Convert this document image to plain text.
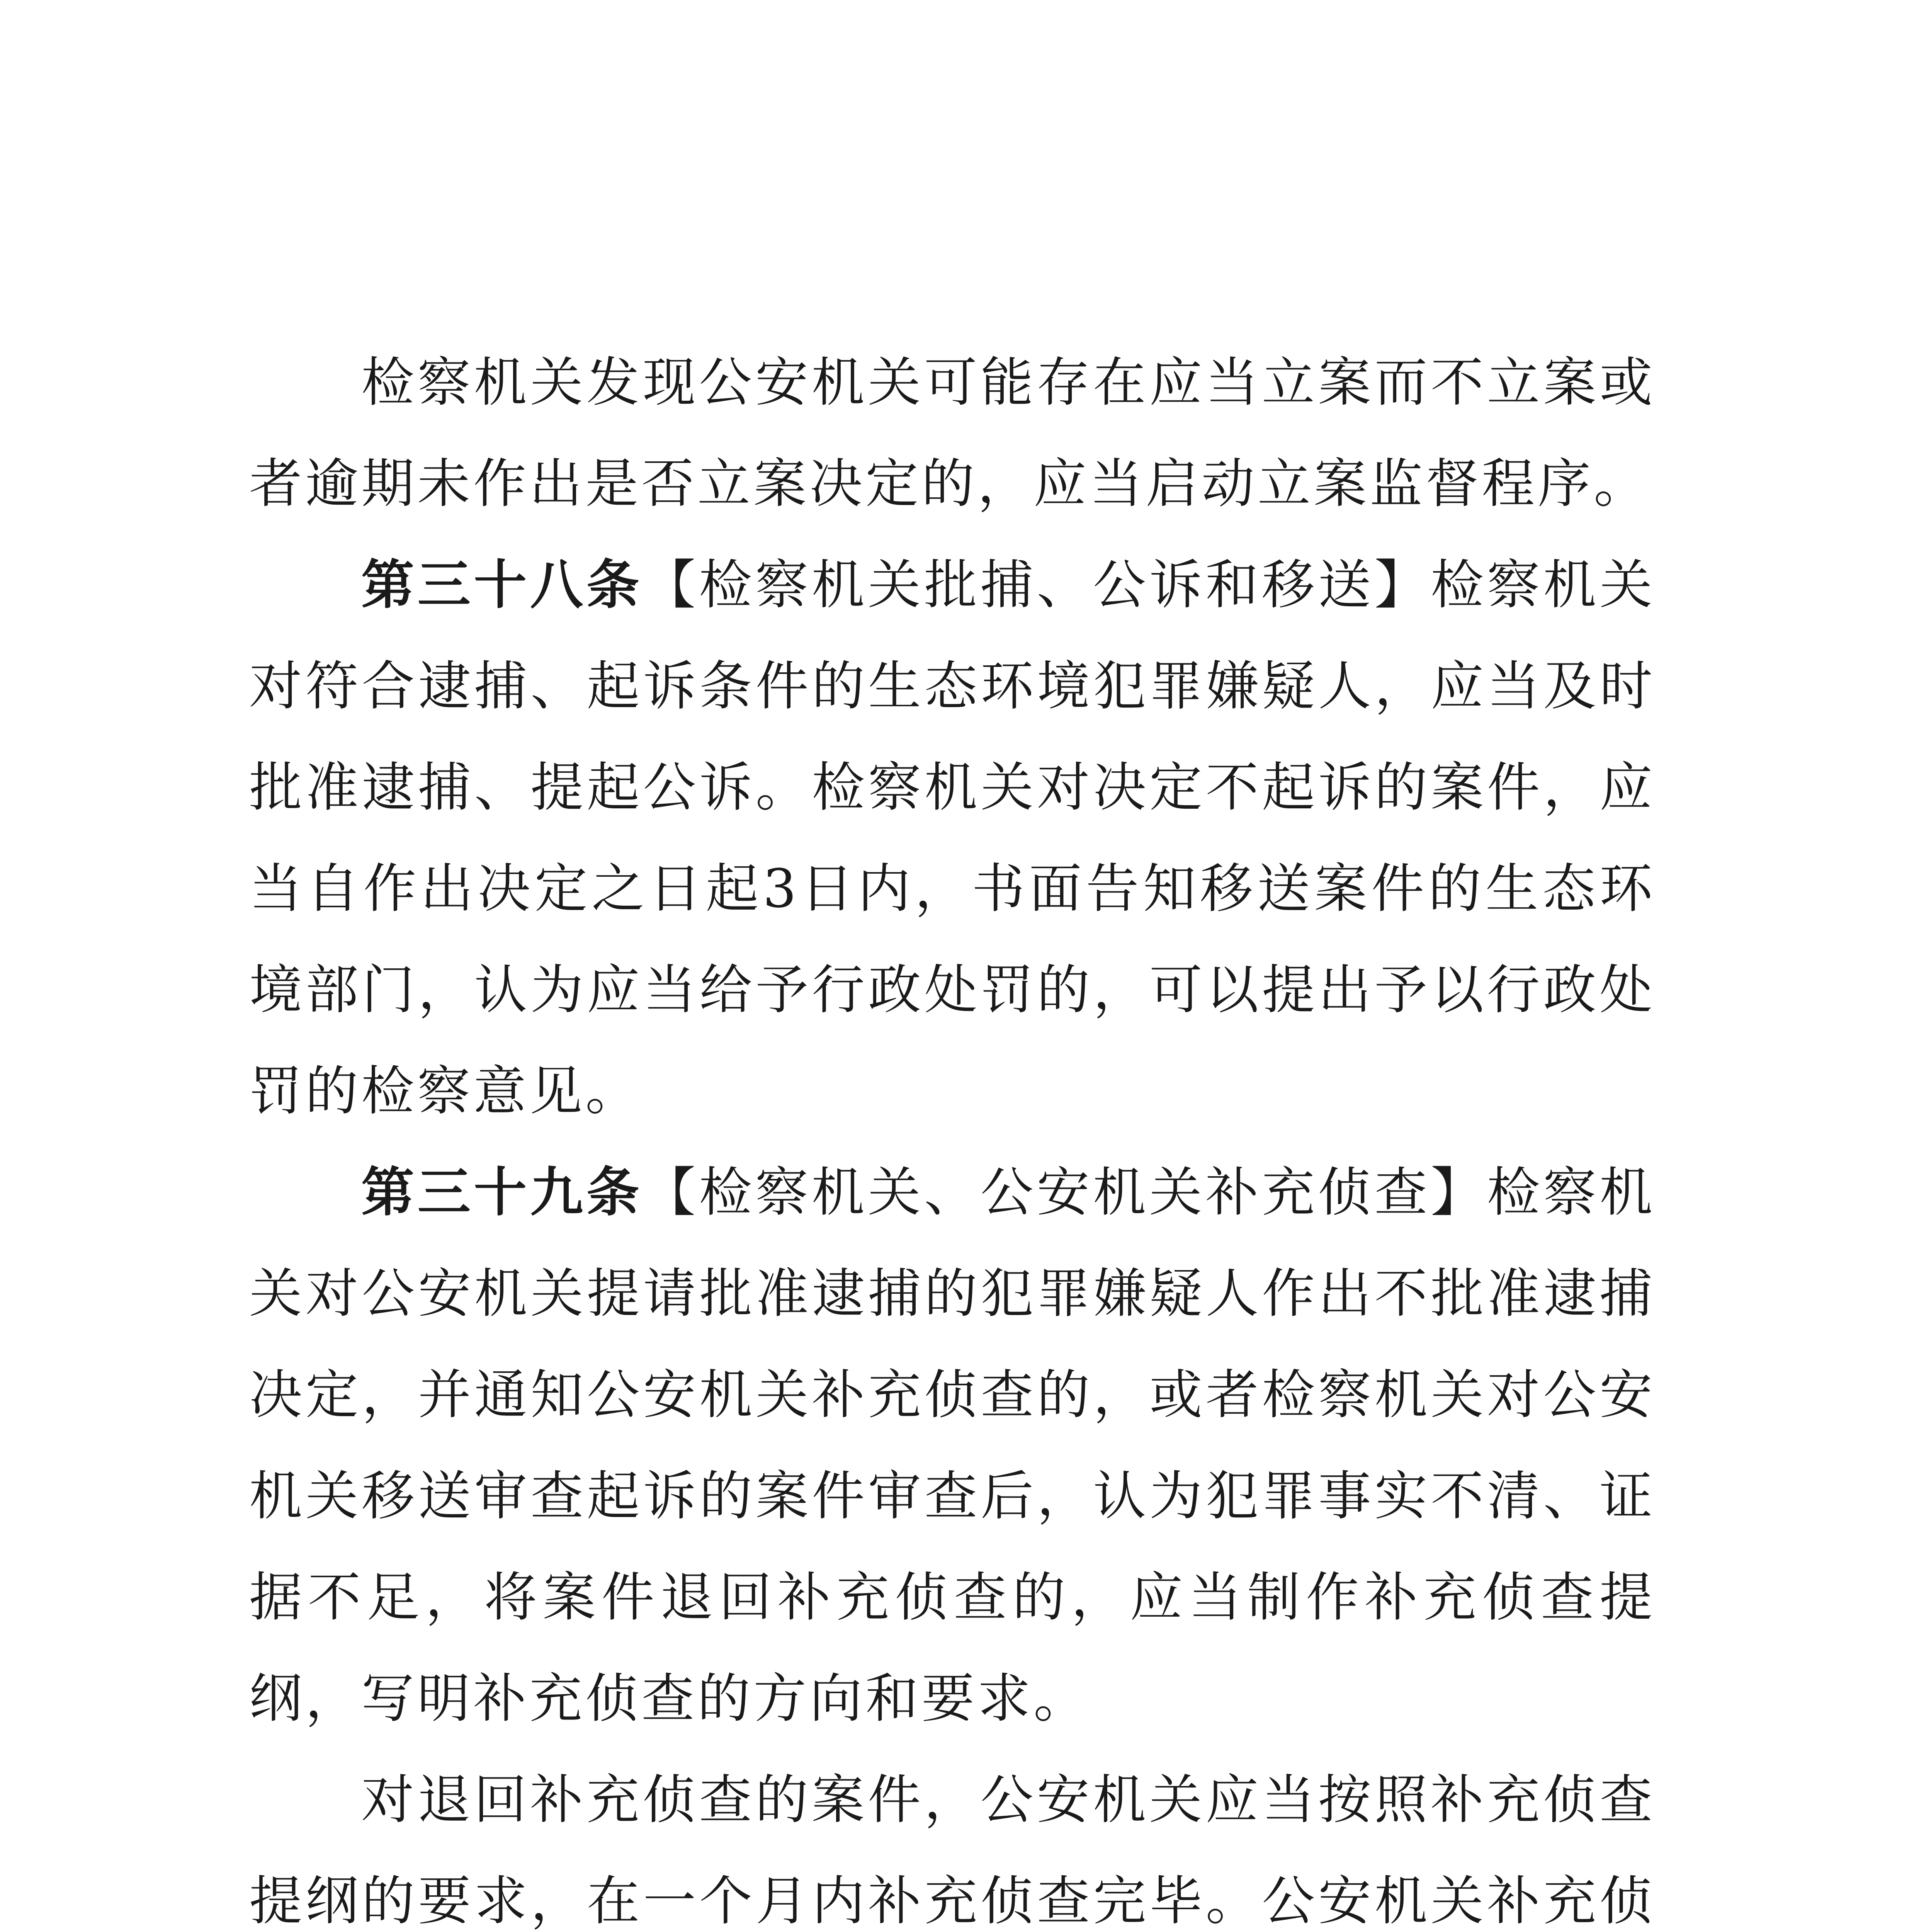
检察机关发现公安机关可能存在应当立案而不立案或者逾期未作出是否立案决定的，应当启动立案监督程序。

第三十八条【检察机关批捕、公诉和移送】检察机关对符合逮捕、起诉条件的生态环境犯罪嫌疑人，应当及时批准逮捕、提起公诉。检察机关对决定不起诉的案件，应当自作出决定之日起3日内，书面告知移送案件的生态环境部门，认为应当给予行政处罚的，可以提出予以行政处罚的检察意见。

第三十九条【检察机关、公安机关补充侦查】检察机关对公安机关提请批准逮捕的犯罪嫌疑人作出不批准逮捕决定，并通知公安机关补充侦查的，或者检察机关对公安机关移送审查起诉的案件审查后，认为犯罪事实不清、证据不足，将案件退回补充侦查的，应当制作补充侦查提纲，写明补充侦查的方向和要求。

对退回补充侦查的案件，公安机关应当按照补充侦查提纲的要求，在一个月内补充侦查完毕。公安机关补充侦
